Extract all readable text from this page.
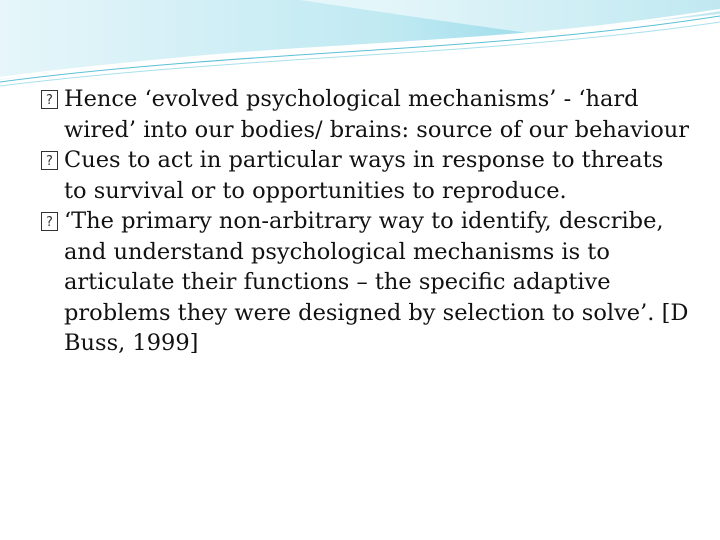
?
Hence ‘evolved psychological mechanisms’ - ‘hard wired’ into our bodies/ brains: source of our behaviour

?
Cues to act in particular ways in response to threats to survival or to opportunities to reproduce.

?
‘The primary non-arbitrary way to identify, describe, and understand psychological mechanisms is to articulate their functions – the specific adaptive problems they were designed by selection to solve’. [D Buss, 1999]
